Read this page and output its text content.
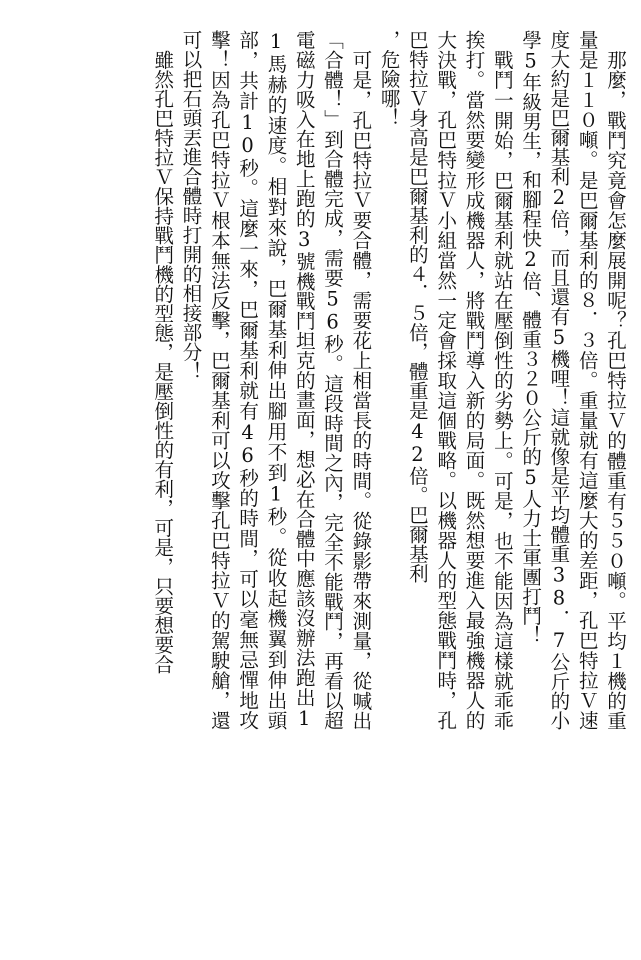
那麼，戰鬥究竟會怎麼展開呢？孔巴特拉Ｖ的體重有５５０噸。平均１機的重量是１１０噸。是巴爾基利的８．３倍。重量就有這麼大的差距，孔巴特拉Ｖ速度大約是巴爾基利2倍，而且還有5機哩！這就像是平均體重38．7公斤的小學5年級男生，和腳程快2倍、體重３２０公斤的5人力士軍團打鬥！

戰鬥一開始，巴爾基利就站在壓倒性的劣勢上。可是，也不能因為這樣就乖乖挨打。當然要變形成機器人，將戰鬥導入新的局面。既然想要進入最強機器人的大決戰，孔巴特拉Ｖ小組當然一定會採取這個戰略。以機器人的型態戰鬥時，孔巴特拉Ｖ身高是巴爾基利的４．５倍，體重是42倍。巴爾基利

，危險哪！

可是，孔巴特拉Ｖ要合體，需要花上相當長的時間。從錄影帶來測量，從喊出「合體！」到合體完成，需要56秒。這段時間之內，完全不能戰鬥，再看以超電磁力吸入在地上跑的3號機戰鬥坦克的畫面，想必在合體中應該沒辦法跑出11馬赫的速度。相對來說，巴爾基利伸出腳用不到1秒。從收起機翼到伸出頭部，共計10秒。這麼一來，巴爾基利就有46秒的時間，可以毫無忌憚地攻擊！因為孔巴特拉Ｖ根本無法反擊，巴爾基利可以攻擊孔巴特拉Ｖ的駕駛艙，還可以把石頭丟進合體時打開的相接部分！

雖然孔巴特拉Ｖ保持戰鬥機的型態，是壓倒性的有利，可是，只要想要合
